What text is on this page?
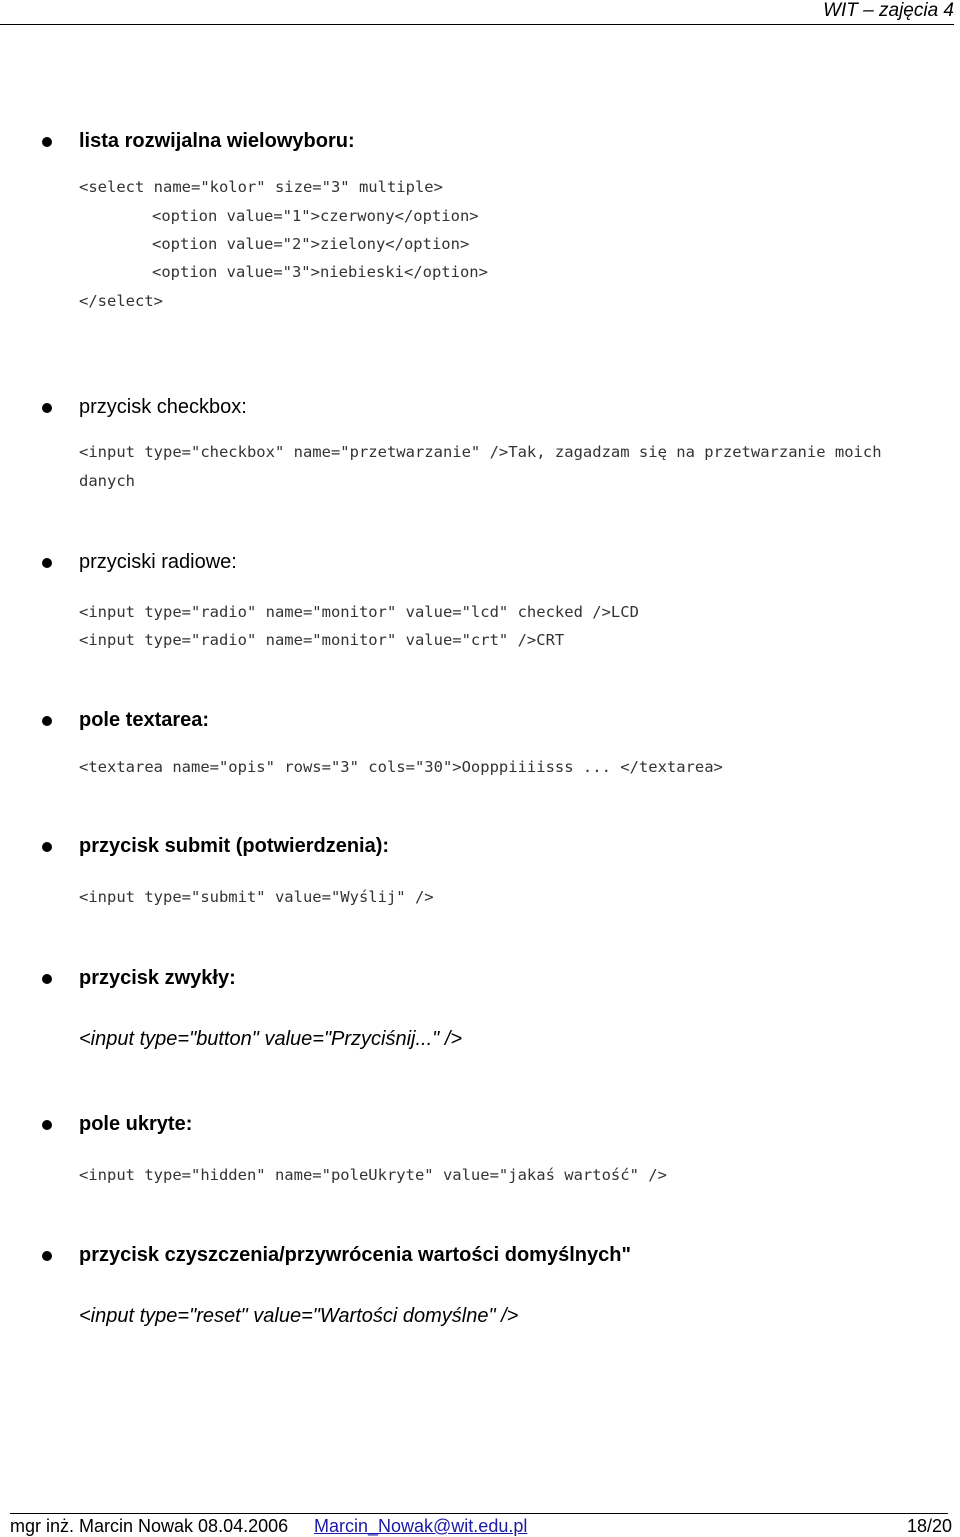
WIT – zajęcia 4
lista rozwijalna wielowyboru:
<select name="kolor" size="3" multiple>
<option value="1">czerwony</option>
<option value="2">zielony</option>
<option value="3">niebieski</option>
</select>
przycisk checkbox:
<input type="checkbox" name="przetwarzanie" />Tak, zagadzam się na przetwarzanie moich
danych
przyciski radiowe:
<input type="radio" name="monitor" value="lcd" checked />LCD
<input type="radio" name="monitor" value="crt" />CRT
pole textarea:
<textarea name="opis" rows="3" cols="30">Oopppiiiisss ... </textarea>
przycisk submit (potwierdzenia):
<input type="submit" value="Wyślij" />
przycisk zwykły:
<input type="button" value="Przyciśnij..." />
pole ukryte:
<input type="hidden" name="poleUkryte" value="jakaś wartość" />
przycisk czyszczenia/przywrócenia wartości domyślnych"
<input type="reset" value="Wartości domyślne" />
mgr inż. Marcin Nowak 08.04.2006 Marcin_Nowak@wit.edu.pl	18/20
